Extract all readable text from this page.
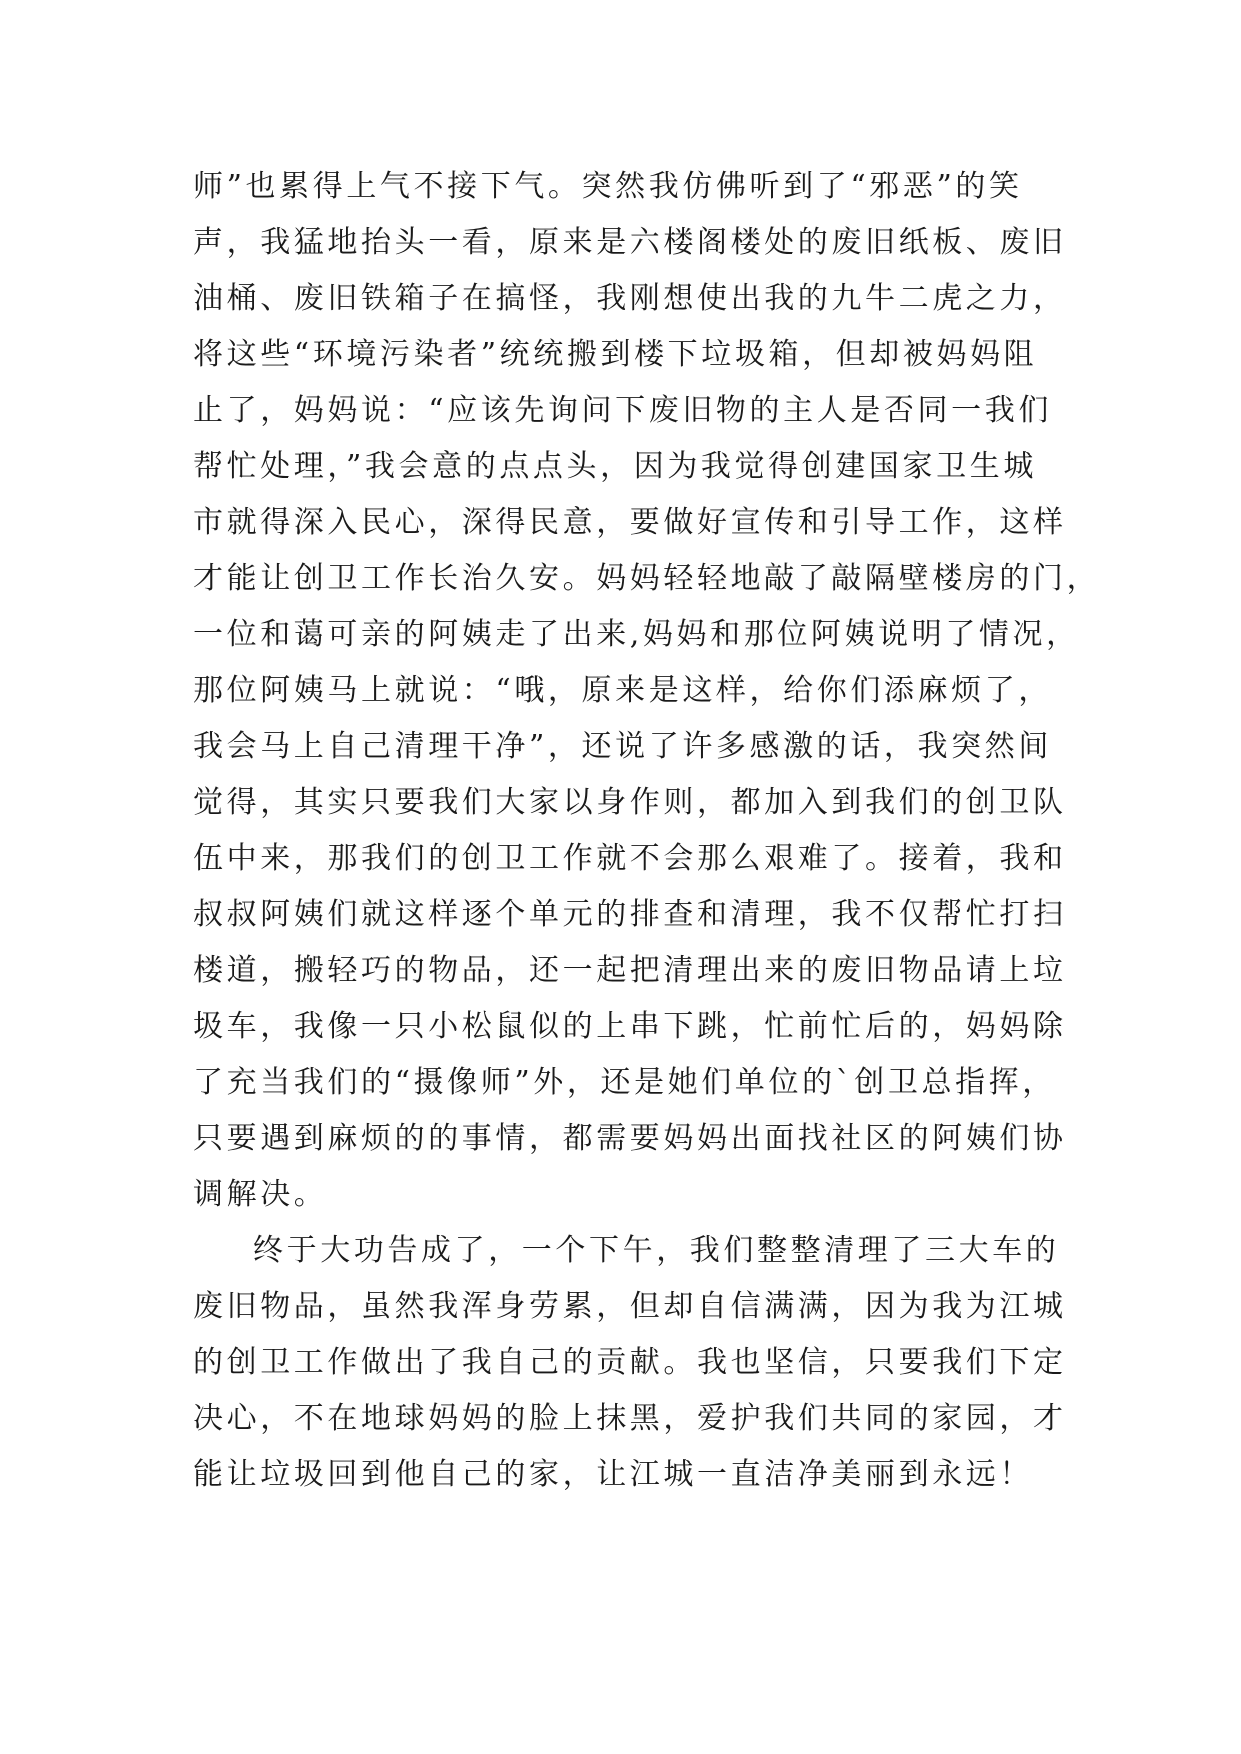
师”也累得上气不接下气。突然我仿佛听到了“邪恶”的笑
声，我猛地抬头一看，原来是六楼阁楼处的废旧纸板、废旧
油桶、废旧铁箱子在搞怪，我刚想使出我的九牛二虎之力，
将这些“环境污染者”统统搬到楼下垃圾箱，但却被妈妈阻
止了，妈妈说：“应该先询问下废旧物的主人是否同一我们
帮忙处理，”我会意的点点头，因为我觉得创建国家卫生城
市就得深入民心，深得民意，要做好宣传和引导工作，这样
才能让创卫工作长治久安。妈妈轻轻地敲了敲隔壁楼房的门，
一位和蔼可亲的阿姨走了出来,妈妈和那位阿姨说明了情况，
那位阿姨马上就说：“哦，原来是这样，给你们添麻烦了，
我会马上自己清理干净”，还说了许多感激的话，我突然间
觉得，其实只要我们大家以身作则，都加入到我们的创卫队
伍中来，那我们的创卫工作就不会那么艰难了。接着，我和
叔叔阿姨们就这样逐个单元的排查和清理，我不仅帮忙打扫
楼道，搬轻巧的物品，还一起把清理出来的废旧物品请上垃
圾车，我像一只小松鼠似的上串下跳，忙前忙后的，妈妈除
了充当我们的“摄像师”外，还是她们单位的`创卫总指挥，
只要遇到麻烦的的事情，都需要妈妈出面找社区的阿姨们协
调解决。
终于大功告成了，一个下午，我们整整清理了三大车的
废旧物品，虽然我浑身劳累，但却自信满满，因为我为江城
的创卫工作做出了我自己的贡献。我也坚信，只要我们下定
决心，不在地球妈妈的脸上抹黑，爱护我们共同的家园，才
能让垃圾回到他自己的家，让江城一直洁净美丽到永远！
